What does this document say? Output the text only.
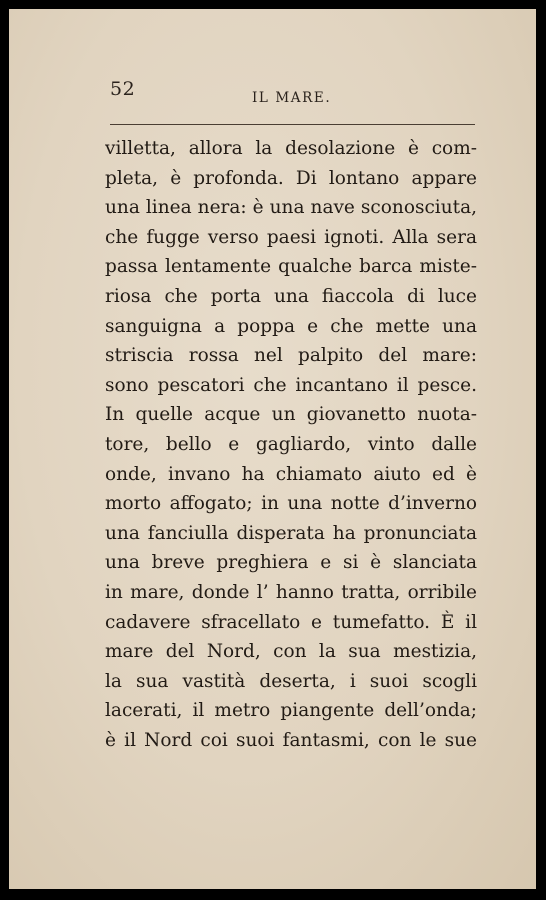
52	IL MARE.
villetta, allora la desolazione è com-
pleta, è profonda. Di lontano appare
una linea nera: è una nave sconosciuta,
che fugge verso paesi ignoti. Alla sera
passa lentamente qualche barca miste-
riosa che porta una fiaccola di luce
sanguigna a poppa e che mette una
striscia rossa nel palpito del mare:
sono pescatori che incantano il pesce.
In quelle acque un giovanetto nuota-
tore, bello e gagliardo, vinto dalle
onde, invano ha chiamato aiuto ed è
morto affogato; in una notte d’inverno
una fanciulla disperata ha pronunciata
una breve preghiera e si è slanciata
in mare, donde l’ hanno tratta, orribile
cadavere sfracellato e tumefatto. È il
mare del Nord, con la sua mestizia,
la sua vastità deserta, i suoi scogli
lacerati, il metro piangente dell’onda;
è il Nord coi suoi fantasmi, con le sue
